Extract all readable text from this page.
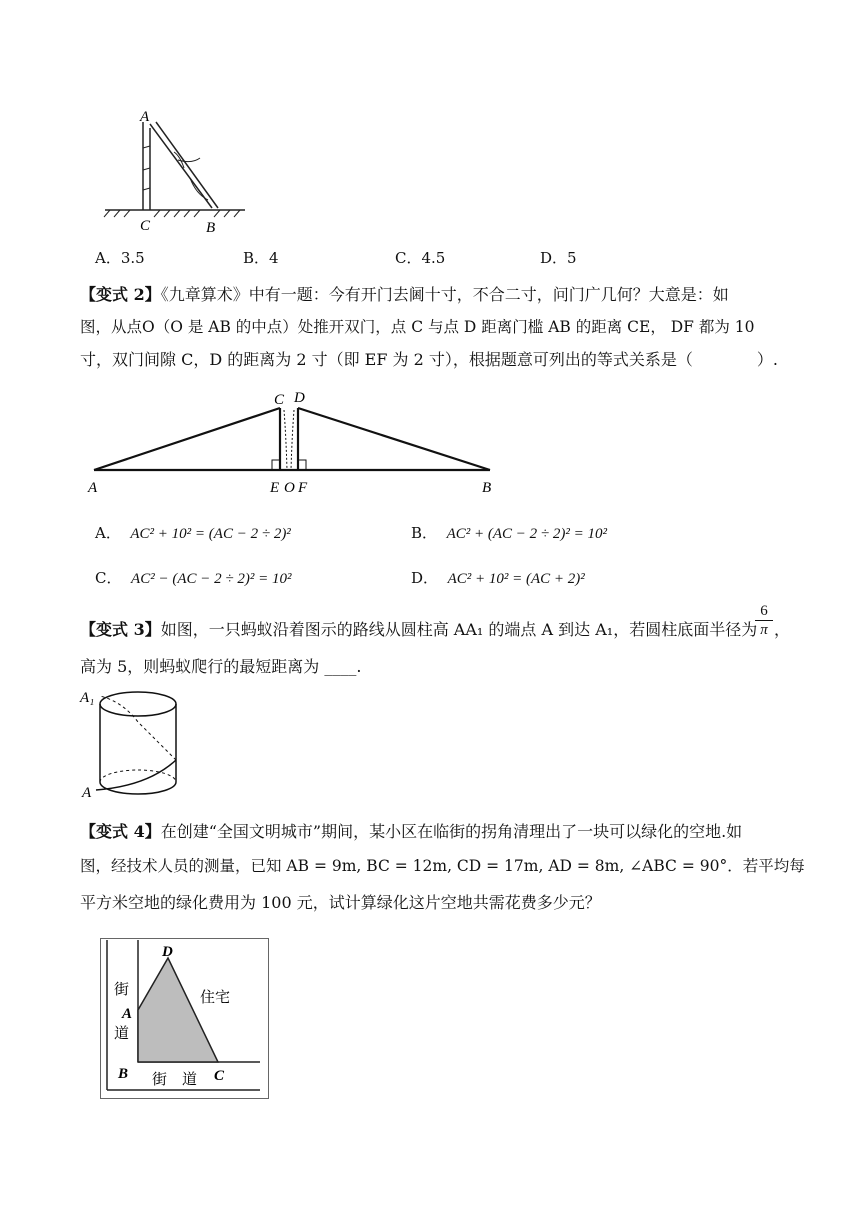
A
C	B
A．3.5	B．4	C．4.5	D．5
【变式 2】《九章算术》中有一题：今有开门去阃十寸，不合二寸，问门广几何？大意是：如
图，从点O（O 是 AB 的中点）处推开双门，点 C 与点 D 距离门槛 AB 的距离 CE， DF 都为 10
寸，双门间隙 C，D 的距离为 2 寸（即 EF 为 2 寸），根据题意可列出的等式关系是（　　　　）.
A	E O F	B
C D
A． AC² + 10² = (AC − 2 ÷ 2)²	B． AC² + (AC − 2 ÷ 2)² = 10²
C． AC² − (AC − 2 ÷ 2)² = 10²	D． AC² + 10² = (AC + 2)²
【变式 3】如图，一只蚂蚁沿着图示的路线从圆柱高 AA₁ 的端点 A 到达 A₁，若圆柱底面半径为
6
π ，
高为 5，则蚂蚁爬行的最短距离为 ____.
A₁
A
【变式 4】在创建“全国文明城市”期间，某小区在临街的拐角清理出了一块可以绿化的空地.如
图，经技术人员的测量，已知 AB = 9m, BC = 12m, CD = 17m, AD = 8m, ∠ABC = 90°．若平均每
平方米空地的绿化费用为 100 元，试计算绿化这片空地共需花费多少元？
D
A
B	C
街
道
街　道
住宅
